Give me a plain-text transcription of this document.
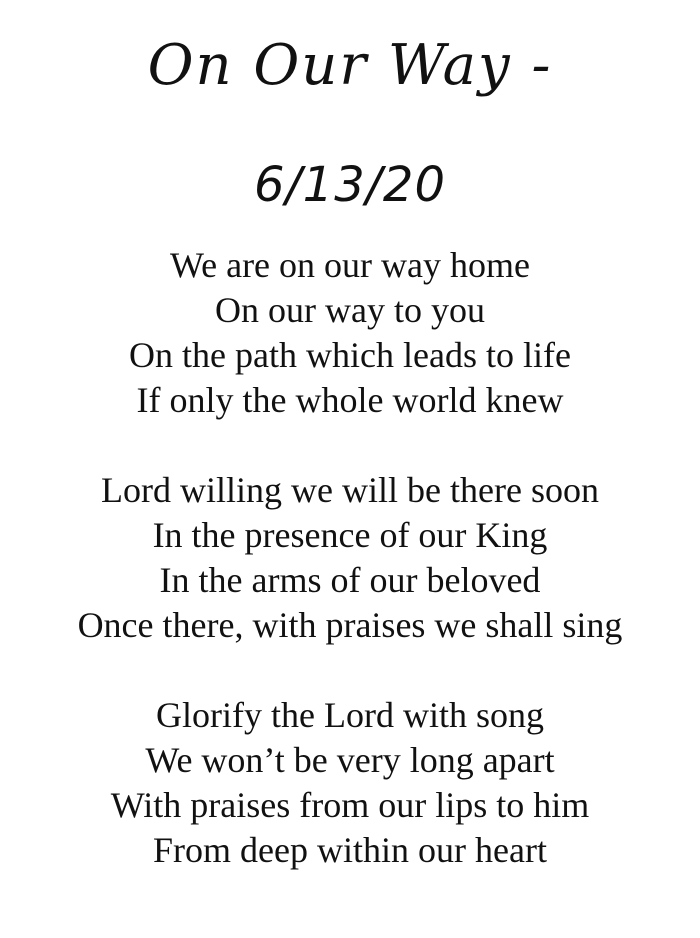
On Our Way -
6/13/20
We are on our way home
On our way to you
On the path which leads to life
If only the whole world knew
Lord willing we will be there soon
In the presence of our King
In the arms of our beloved
Once there, with praises we shall sing
Glorify the Lord with song
We won’t be very long apart
With praises from our lips to him
From deep within our heart
